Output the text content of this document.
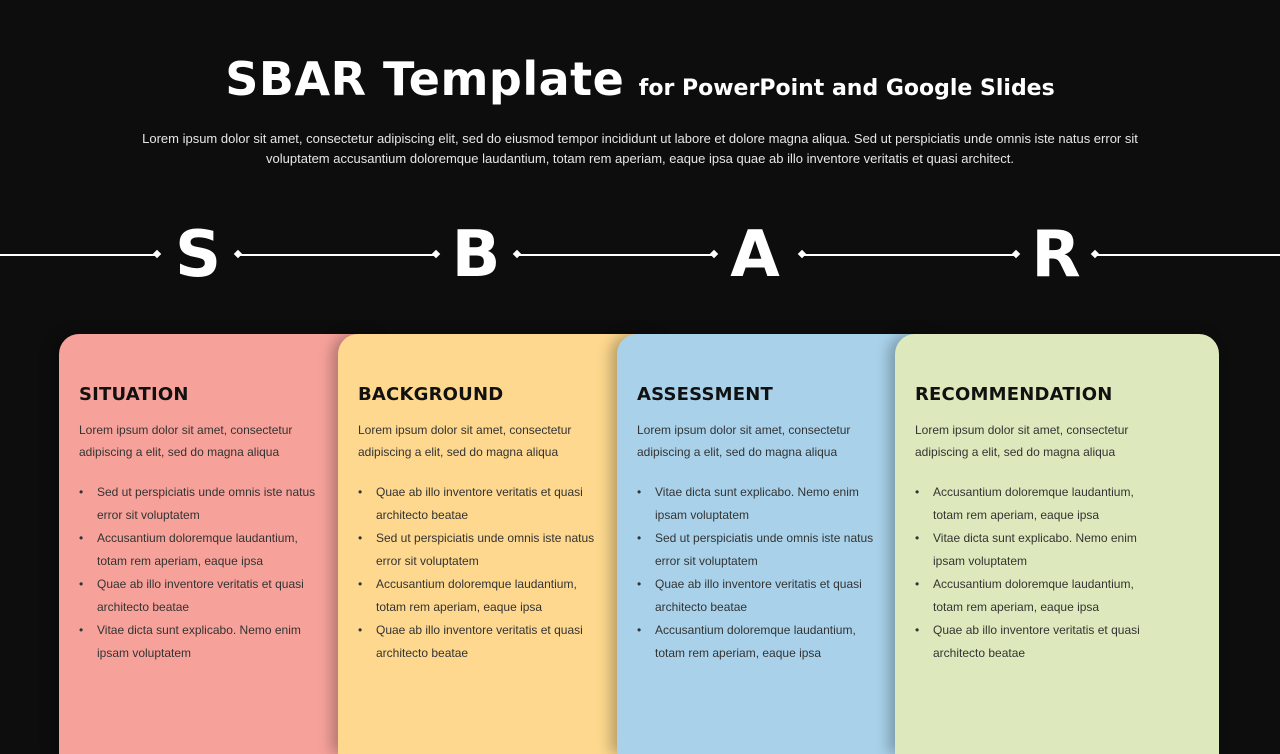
SBAR Template for PowerPoint and Google Slides
Lorem ipsum dolor sit amet, consectetur adipiscing elit, sed do eiusmod tempor incididunt ut labore et dolore magna aliqua. Sed ut perspiciatis unde omnis iste natus error sit voluptatem accusantium doloremque laudantium, totam rem aperiam, eaque ipsa quae ab illo inventore veritatis et quasi architect.
S	B	A	R
SITUATION
Lorem ipsum dolor sit amet, consectetur adipiscing a elit, sed do magna aliqua
• Sed ut perspiciatis unde omnis iste natus error sit voluptatem
• Accusantium doloremque laudantium, totam rem aperiam, eaque ipsa
• Quae ab illo inventore veritatis et quasi architecto beatae
• Vitae dicta sunt explicabo. Nemo enim ipsam voluptatem
BACKGROUND
Lorem ipsum dolor sit amet, consectetur adipiscing a elit, sed do magna aliqua
• Quae ab illo inventore veritatis et quasi architecto beatae
• Sed ut perspiciatis unde omnis iste natus error sit voluptatem
• Accusantium doloremque laudantium, totam rem aperiam, eaque ipsa
• Quae ab illo inventore veritatis et quasi architecto beatae
ASSESSMENT
Lorem ipsum dolor sit amet, consectetur adipiscing a elit, sed do magna aliqua
• Vitae dicta sunt explicabo. Nemo enim ipsam voluptatem
• Sed ut perspiciatis unde omnis iste natus error sit voluptatem
• Quae ab illo inventore veritatis et quasi architecto beatae
• Accusantium doloremque laudantium, totam rem aperiam, eaque ipsa
RECOMMENDATION
Lorem ipsum dolor sit amet, consectetur adipiscing a elit, sed do magna aliqua
• Accusantium doloremque laudantium, totam rem aperiam, eaque ipsa
• Vitae dicta sunt explicabo. Nemo enim ipsam voluptatem
• Accusantium doloremque laudantium, totam rem aperiam, eaque ipsa
• Quae ab illo inventore veritatis et quasi architecto beatae
